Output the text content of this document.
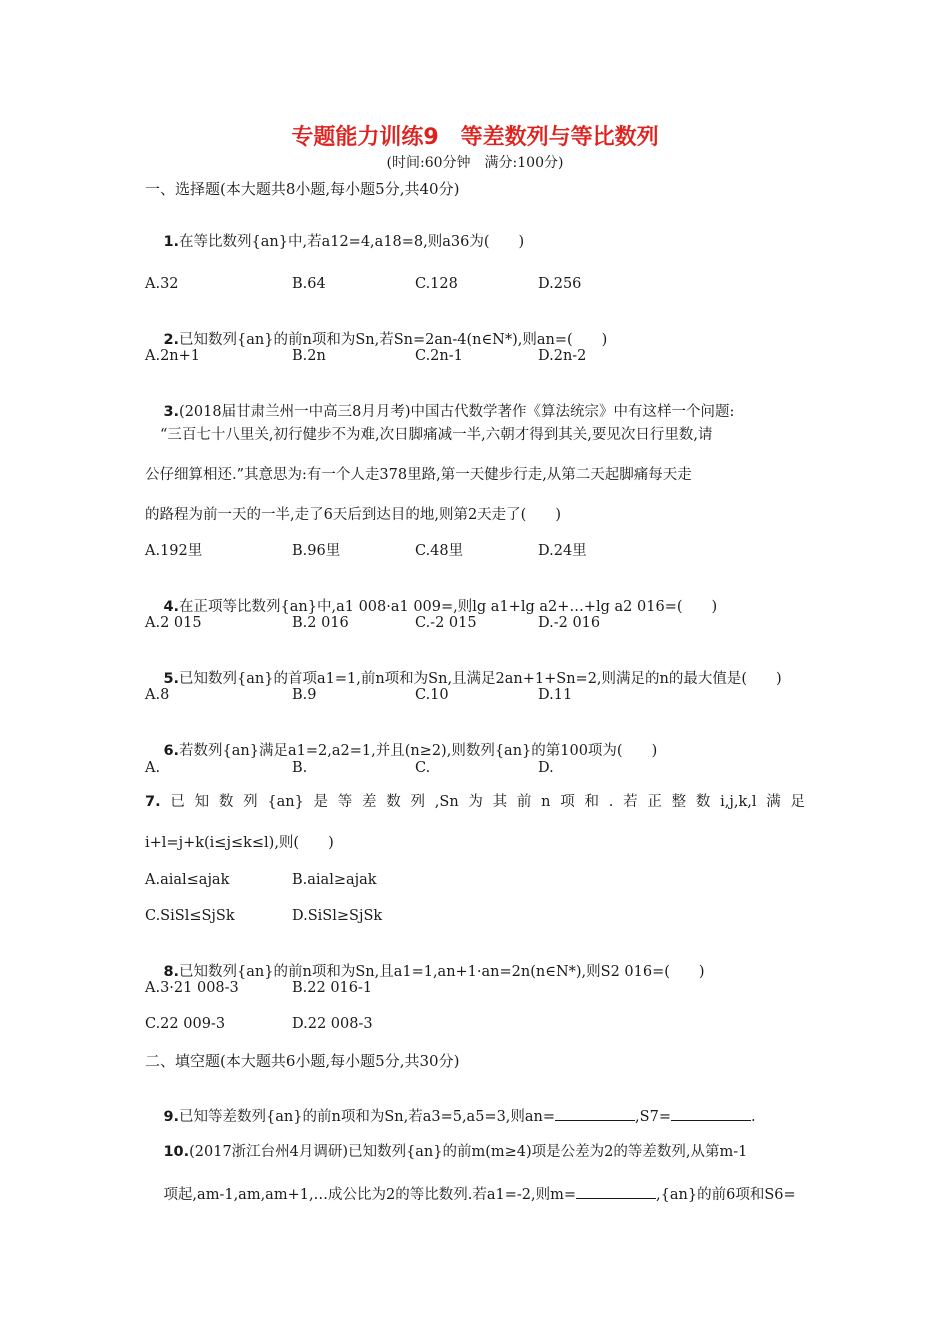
专题能力训练9　等差数列与等比数列
(时间:60分钟　满分:100分)
一、选择题(本大题共8小题,每小题5分,共40分)

1.在等比数列{an}中,若a12=4,a18=8,则a36为(　　)

A.32	B.64	C.128	D.256

2.已知数列{an}的前n项和为Sn,若Sn=2an-4(n∈N*),则an=(　　)

A.2n+1	B.2n	C.2n-1	D.2n-2

3.(2018届甘肃兰州一中高三8月月考)中国古代数学著作《算法统宗》中有这样一个问题:

“三百七十八里关,初行健步不为难,次日脚痛减一半,六朝才得到其关,要见次日行里数,请
公仔细算相还.”其意思为:有一个人走378里路,第一天健步行走,从第二天起脚痛每天走
的路程为前一天的一半,走了6天后到达目的地,则第2天走了(　　)
A.192里	B.96里	C.48里	D.24里

4.在正项等比数列{an}中,a1 008·a1 009=,则lg a1+lg a2+…+lg a2 016=(　　)

A.2 015	B.2 016	C.-2 015	D.-2 016

5.已知数列{an}的首项a1=1,前n项和为Sn,且满足2an+1+Sn=2,则满足的n的最大值是(　　)

A.8	B.9	C.10	D.11

6.若数列{an}满足a1=2,a2=1,并且(n≥2),则数列{an}的第100项为(　　)

A.	B.	C.	D.
7.已知数列{an}是等差数列,Sn为其前n项和.若正整数i,j,k,l满足
i+l=j+k(i≤j≤k≤l),则(　　)
A.aial≤ajak	B.aial≥ajak
C.SiSl≤SjSk	D.SiSl≥SjSk

8.已知数列{an}的前n项和为Sn,且a1=1,an+1·an=2n(n∈N*),则S2 016=(　　)

A.3·21 008-3	B.22 016-1
C.22 009-3	D.22 008-3
二、填空题(本大题共6小题,每小题5分,共30分)

9.已知等差数列{an}的前n项和为Sn,若a3=5,a5=3,则an=	,S7=	.

10.(2017浙江台州4月调研)已知数列{an}的前m(m≥4)项是公差为2的等差数列,从第m-1

项起,am-1,am,am+1,…成公比为2的等比数列.若a1=-2,则m=	,{an}的前6项和S6=
